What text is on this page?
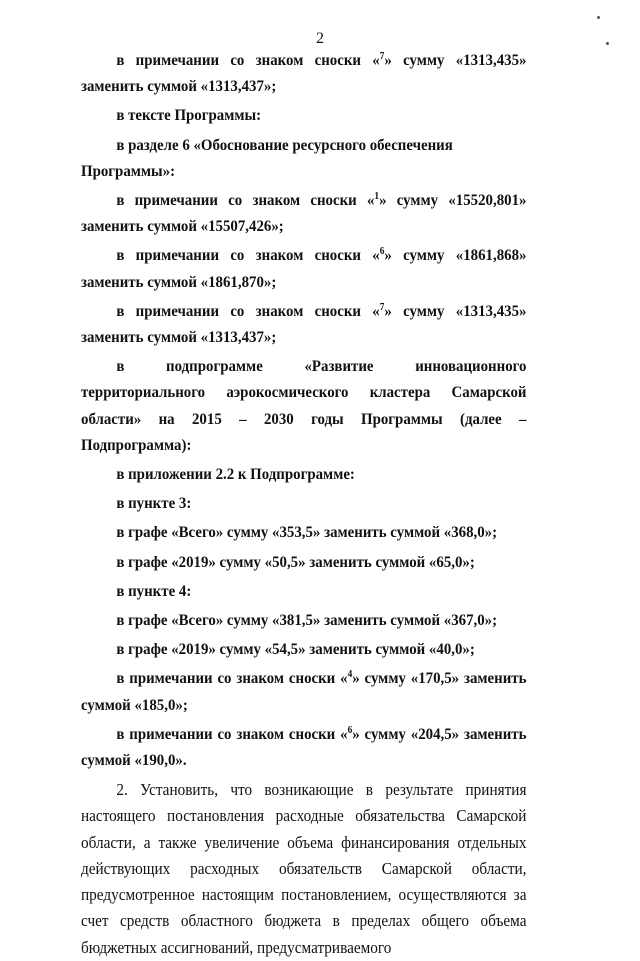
2

в примечании со знаком сноски «$^7$» сумму «1313,435» заменить суммой «1313,437»;

в тексте Программы:

в разделе 6 «Обоснование ресурсного обеспечения Программы»:

в примечании со знаком сноски «$^1$» сумму «15520,801» заменить суммой «15507,426»;

в примечании со знаком сноски «$^6$» сумму «1861,868» заменить суммой «1861,870»;

в примечании со знаком сноски «$^7$» сумму «1313,435» заменить суммой «1313,437»;

в подпрограмме «Развитие инновационного территориального аэрокосмического кластера Самарской области» на 2015 – 2030 годы Программы (далее – Подпрограмма):

в приложении 2.2 к Подпрограмме:

в пункте 3:

в графе «Всего» сумму «353,5» заменить суммой «368,0»;

в графе «2019» сумму «50,5» заменить суммой «65,0»;

в пункте 4:

в графе «Всего» сумму «381,5» заменить суммой «367,0»;

в графе «2019» сумму «54,5» заменить суммой «40,0»;

в примечании со знаком сноски «$^4$» сумму «170,5» заменить суммой «185,0»;

в примечании со знаком сноски «$^6$» сумму «204,5» заменить суммой «190,0».

2. Установить, что возникающие в результате принятия настоящего постановления расходные обязательства Самарской области, а также увеличение объема финансирования отдельных действующих расходных обязательств Самарской области, предусмотренное настоящим постановлением, осуществляются за счет средств областного бюджета в пределах общего объема бюджетных ассигнований, предусматриваемого
